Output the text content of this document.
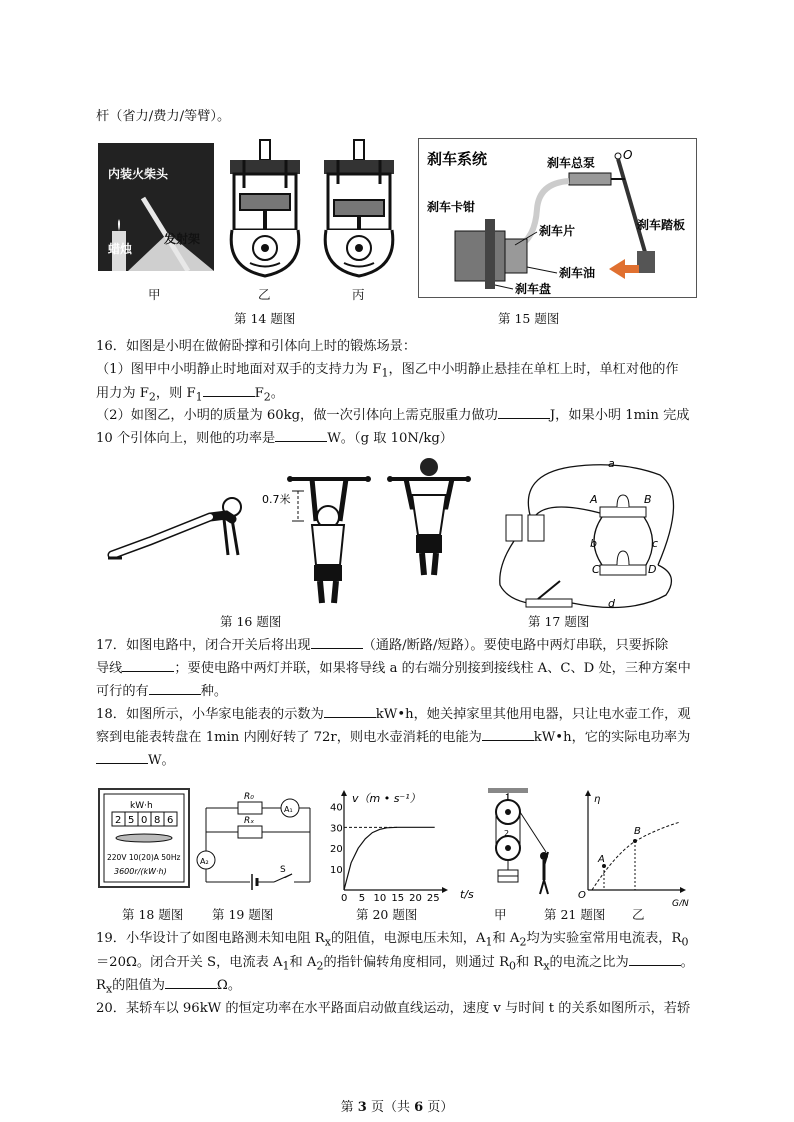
杆（省力/费力/等臂）。
内装火柴头
蜡烛
发射架
甲	乙	丙
第 14 题图
刹车系统	刹车总泵
O
刹车踏板
刹车卡钳
刹车片
刹车油
刹车盘
第 15 题图
16．如图是小明在做俯卧撑和引体向上时的锻炼场景：
（1）图甲中小明静止时地面对双手的支持力为 $F_1$，图乙中小明静止悬挂在单杠上时，单杠对他的作
用力为 $F_2$，则 $F_1$	$F_2$。
（2）如图乙，小明的质量为 60kg，做一次引体向上需克服重力做功	J，如果小明 1min 完成
10 个引体向上，则他的功率是	W。（g 取 10N/kg）
0.7米
第 16 题图
a
d
A	B
C	D
b	c
第 17 题图
17．如图电路中，闭合开关后将出现	（通路/断路/短路）。要使电路中两灯串联，只要拆除
导线	；要使电路中两灯并联，如果将导线 a 的右端分别接到接线柱 A、C、D 处，三种方案中
可行的有	种。
18．如图所示，小华家电能表的示数为	kW•h，她关掉家里其他用电器，只让电水壶工作，观
察到电能表转盘在 1min 内刚好转了 72r，则电水壶消耗的电能为	kW•h，它的实际电功率为
W。
kW·h
2 5 0 8 6
220V 10(20)A 50Hz
3600r/(kW·h)
第 18 题图
R₀
A₁
Rₓ
A₂
S
第 19 题图
v（m • s⁻¹）
t/s
0 5 10 15 20 25
10
20
30
40
第 20 题图
1
2
η
G/N
O
A
B
甲	第 21 题图 乙
19．小华设计了如图电路测未知电阻 $R_x$的阻值，电源电压未知，$A_1$和 $A_2$均为实验室常用电流表，$R_0$
＝20Ω。闭合开关 S，电流表 $A_1$和 $A_2$的指针偏转角度相同，则通过 $R_0$和 $R_x$的电流之比为	。
$R_x$的阻值为	Ω。
20．某轿车以 96kW 的恒定功率在水平路面启动做直线运动，速度 v 与时间 t 的关系如图所示，若轿
第 3 页（共 6 页）
